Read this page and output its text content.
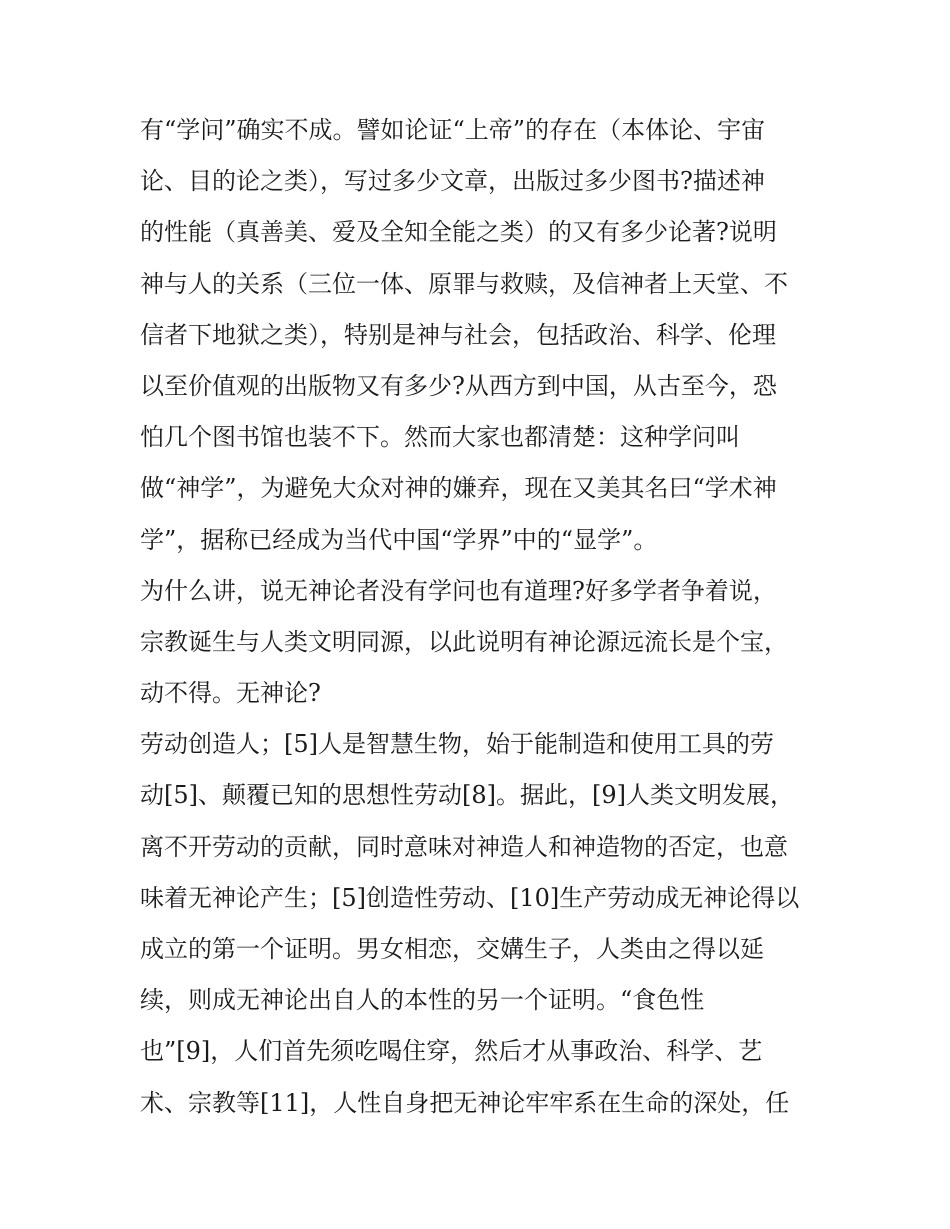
有“学问”确实不成。譬如论证“上帝”的存在（本体论、宇宙
论、目的论之类），写过多少文章，出版过多少图书?描述神
的性能（真善美、爱及全知全能之类）的又有多少论著?说明
神与人的关系（三位一体、原罪与救赎，及信神者上天堂、不
信者下地狱之类），特别是神与社会，包括政治、科学、伦理
以至价值观的出版物又有多少?从西方到中国，从古至今，恐
怕几个图书馆也装不下。然而大家也都清楚：这种学问叫
做“神学”，为避免大众对神的嫌弃，现在又美其名曰“学术神
学”，据称已经成为当代中国“学界”中的“显学”。
为什么讲，说无神论者没有学问也有道理?好多学者争着说，
宗教诞生与人类文明同源，以此说明有神论源远流长是个宝，
动不得。无神论?
劳动创造人；[5]人是智慧生物，始于能制造和使用工具的劳
动[5]、颠覆已知的思想性劳动[8]。据此，[9]人类文明发展，
离不开劳动的贡献，同时意味对神造人和神造物的否定，也意
味着无神论产生；[5]创造性劳动、[10]生产劳动成无神论得以
成立的第一个证明。男女相恋，交媾生子，人类由之得以延
续，则成无神论出自人的本性的另一个证明。“食色性
也”[9]，人们首先须吃喝住穿，然后才从事政治、科学、艺
术、宗教等[11]，人性自身把无神论牢牢系在生命的深处，任
